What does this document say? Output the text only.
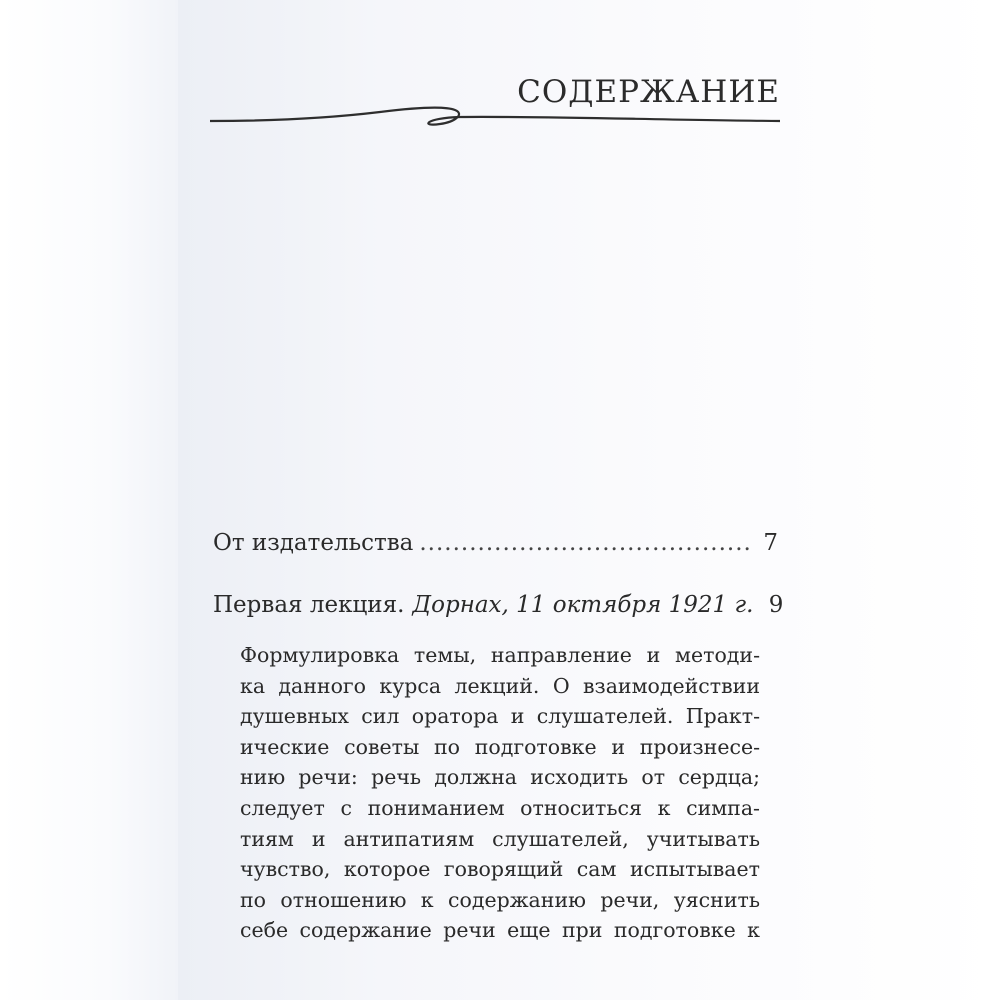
СОДЕРЖАНИЕ
От издательства
.....	7
Первая лекция. Дорнах, 11 октября 1921 г. 9
Формулировка темы, направление и методи-
ка данного курса лекций. О взаимодействии
душевных сил оратора и слушателей. Практ-
ические советы по подготовке и произнесе-
нию речи: речь должна исходить от сердца;
следует с пониманием относиться к симпа-
тиям и антипатиям слушателей, учитывать
чувство, которое говорящий сам испытывает
по отношению к содержанию речи, уяснить
себе содержание речи еще при подготовке к
